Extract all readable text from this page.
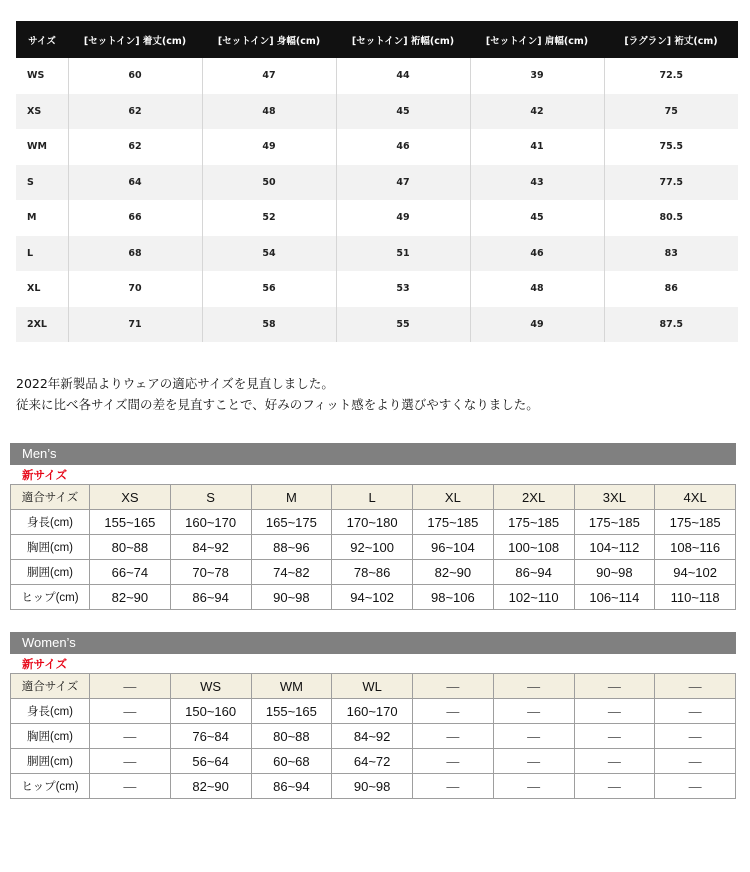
サイズ	[セットイン] 着丈(cm)	[セットイン] 身幅(cm)	[セットイン] 裄幅(cm)	[セットイン] 肩幅(cm)	[ラグラン] 裄丈(cm)
WS	60	47	44	39	72.5
XS	62	48	45	42	75
WM	62	49	46	41	75.5
S	64	50	47	43	77.5
M	66	52	49	45	80.5
L	68	54	51	46	83
XL	70	56	53	48	86
2XL	71	58	55	49	87.5
2022年新製品よりウェアの適応サイズを見直しました。
従来に比べ各サイズ間の差を見直すことで、好みのフィット感をより選びやすくなりました。
Men’s
新サイズ
適合サイズ	XS	S	M	L	XL	2XL	3XL	4XL
身長(cm)	155~165	160~170	165~175	170~180	175~185	175~185	175~185	175~185
胸囲(cm)	80~88	84~92	88~96	92~100	96~104	100~108	104~112	108~116
胴囲(cm)	66~74	70~78	74~82	78~86	82~90	86~94	90~98	94~102
ヒップ(cm)	82~90	86~94	90~98	94~102	98~106	102~110	106~114	110~118
Women’s
新サイズ
適合サイズ	—	WS	WM	WL	—	—	—	—
身長(cm)	—	150~160	155~165	160~170	—	—	—	—
胸囲(cm)	—	76~84	80~88	84~92	—	—	—	—
胴囲(cm)	—	56~64	60~68	64~72	—	—	—	—
ヒップ(cm)	—	82~90	86~94	90~98	—	—	—	—
